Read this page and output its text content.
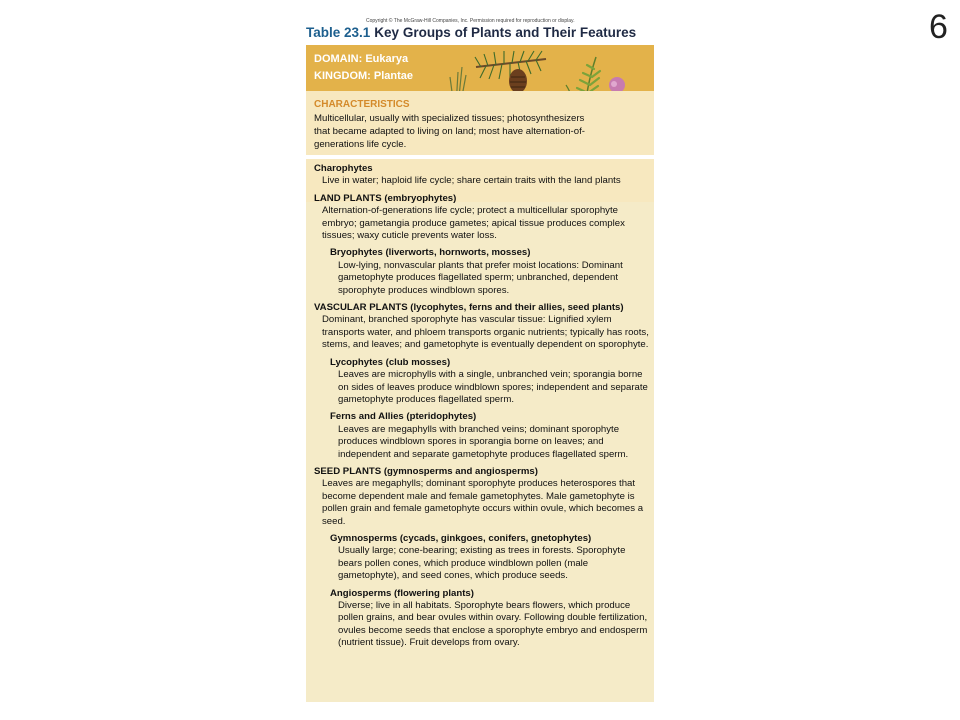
6
Copyright © The McGraw-Hill Companies, Inc. Permission required for reproduction or display.
Table 23.1 Key Groups of Plants and Their Features
DOMAIN: Eukarya
KINGDOM: Plantae
CHARACTERISTICS
Multicellular, usually with specialized tissues; photosynthesizers that became adapted to living on land; most have alternation-of-generations life cycle.
Charophytes
Live in water; haploid life cycle; share certain traits with the land plants
LAND PLANTS (embryophytes)
Alternation-of-generations life cycle; protect a multicellular sporophyte embryo; gametangia produce gametes; apical tissue produces complex tissues; waxy cuticle prevents water loss.
Bryophytes (liverworts, hornworts, mosses)
Low-lying, nonvascular plants that prefer moist locations: Dominant gametophyte produces flagellated sperm; unbranched, dependent sporophyte produces windblown spores.
VASCULAR PLANTS (lycophytes, ferns and their allies, seed plants)
Dominant, branched sporophyte has vascular tissue: Lignified xylem transports water, and phloem transports organic nutrients; typically has roots, stems, and leaves; and gametophyte is eventually dependent on sporophyte.
Lycophytes (club mosses)
Leaves are microphylls with a single, unbranched vein; sporangia borne on sides of leaves produce windblown spores; independent and separate gametophyte produces flagellated sperm.
Ferns and Allies (pteridophytes)
Leaves are megaphylls with branched veins; dominant sporophyte produces windblown spores in sporangia borne on leaves; and independent and separate gametophyte produces flagellated sperm.
SEED PLANTS (gymnosperms and angiosperms)
Leaves are megaphylls; dominant sporophyte produces heterospores that become dependent male and female gametophytes. Male gametophyte is pollen grain and female gametophyte occurs within ovule, which becomes a seed.
Gymnosperms (cycads, ginkgoes, conifers, gnetophytes)
Usually large; cone-bearing; existing as trees in forests. Sporophyte bears pollen cones, which produce windblown pollen (male gametophyte), and seed cones, which produce seeds.
Angiosperms (flowering plants)
Diverse; live in all habitats. Sporophyte bears flowers, which produce pollen grains, and bear ovules within ovary. Following double fertilization, ovules become seeds that enclose a sporophyte embryo and endosperm (nutrient tissue). Fruit develops from ovary.
